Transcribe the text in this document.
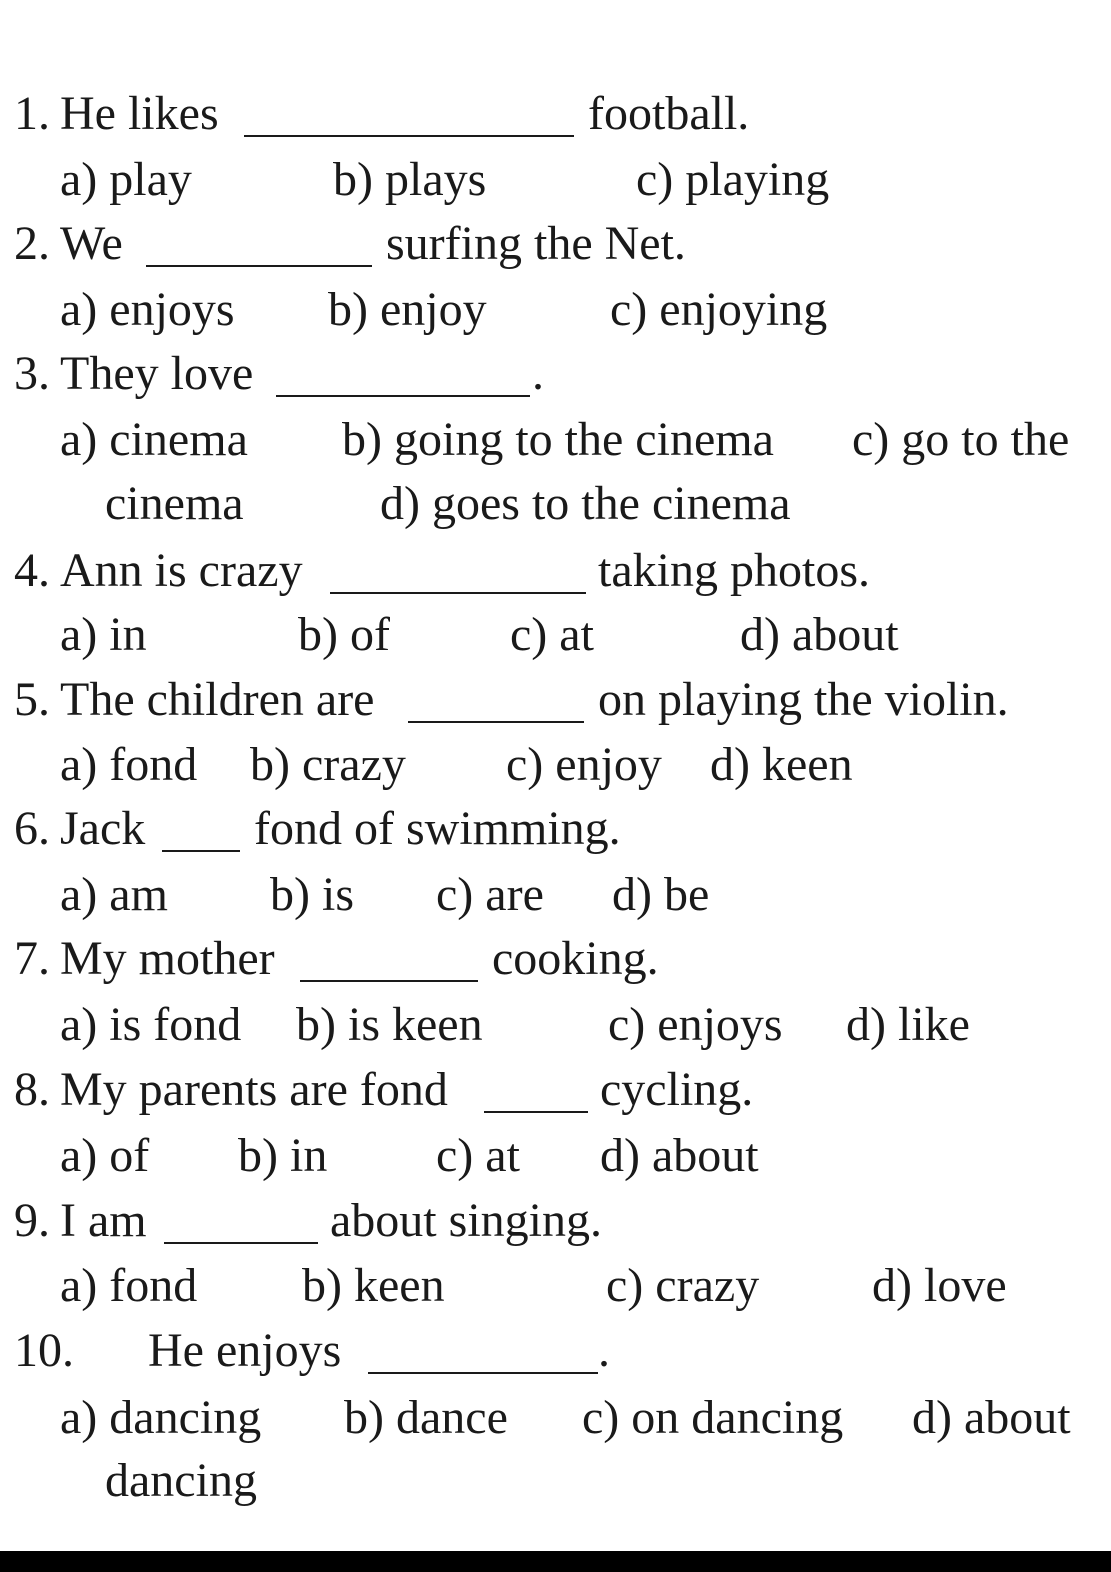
1. He likes	football.
a) play	b) plays	c) playing
2. We	surfing the Net.
a) enjoys b) enjoy	c) enjoying
3. They love	.
a) cinema b) going to the cinema c) go to the
cinema	d) goes to the cinema
4. Ann is crazy	taking photos.
a) in	b) of	c) at	d) about
5. The children are	on playing the violin.
a) fond b) crazy c) enjoy d) keen
6. Jack fond of swimming.
a) am b) is c) are d) be
7. My mother	cooking.
a) is fond b) is keen	c) enjoys d) like
8. My parents are fond	cycling.
a) of b) in c) at d) about
9. I am	about singing.
a) fond b) keen	c) crazy d) love
10. He enjoys	.
a) dancing b) dance c) on dancing d) about
dancing
